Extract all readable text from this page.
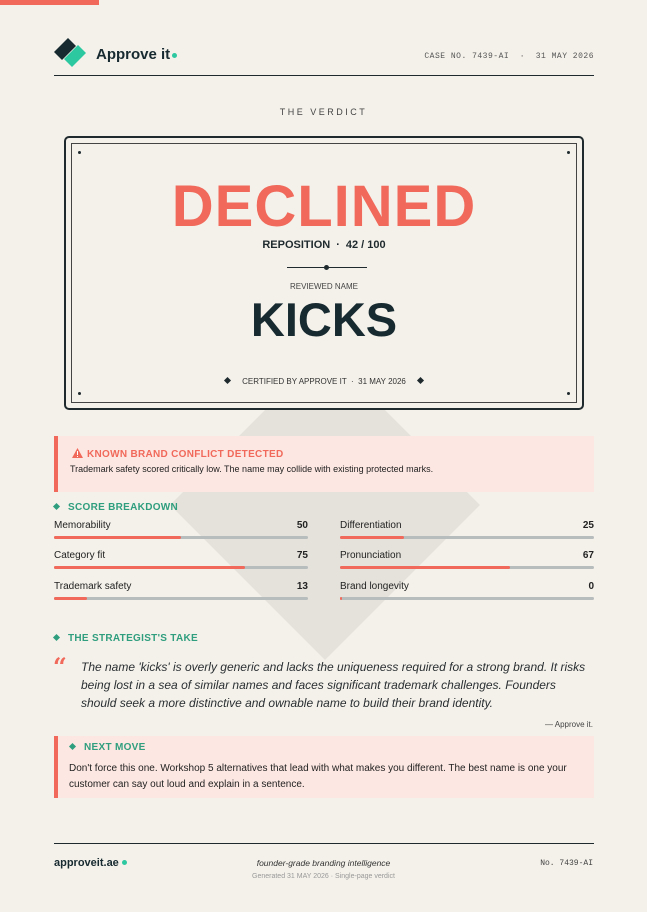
Approve it	CASE NO. 7439-AI  ·  31 MAY 2026
THE VERDICT
DECLINED
REPOSITION · 42 / 100
REVIEWED NAME
KICKS
CERTIFIED BY APPROVE IT  ·  31 MAY 2026
KNOWN BRAND CONFLICT DETECTED
Trademark safety scored critically low. The name may collide with existing protected marks.
SCORE BREAKDOWN
Memorability	50	Differentiation	25
Category fit	75	Pronunciation	67
Trademark safety	13	Brand longevity	0
THE STRATEGIST'S TAKE
“ The name 'kicks' is overly generic and lacks the uniqueness required for a strong brand. It risks being lost in a sea of similar names and faces significant trademark challenges. Founders should seek a more distinctive and ownable name to build their brand identity.
— Approve it.
NEXT MOVE
Don't force this one. Workshop 5 alternatives that lead with what makes you different. The best name is one your customer can say out loud and explain in a sentence.
approveit.ae	founder-grade branding intelligence
Generated 31 MAY 2026 · Single-page verdict
No. 7439-AI
